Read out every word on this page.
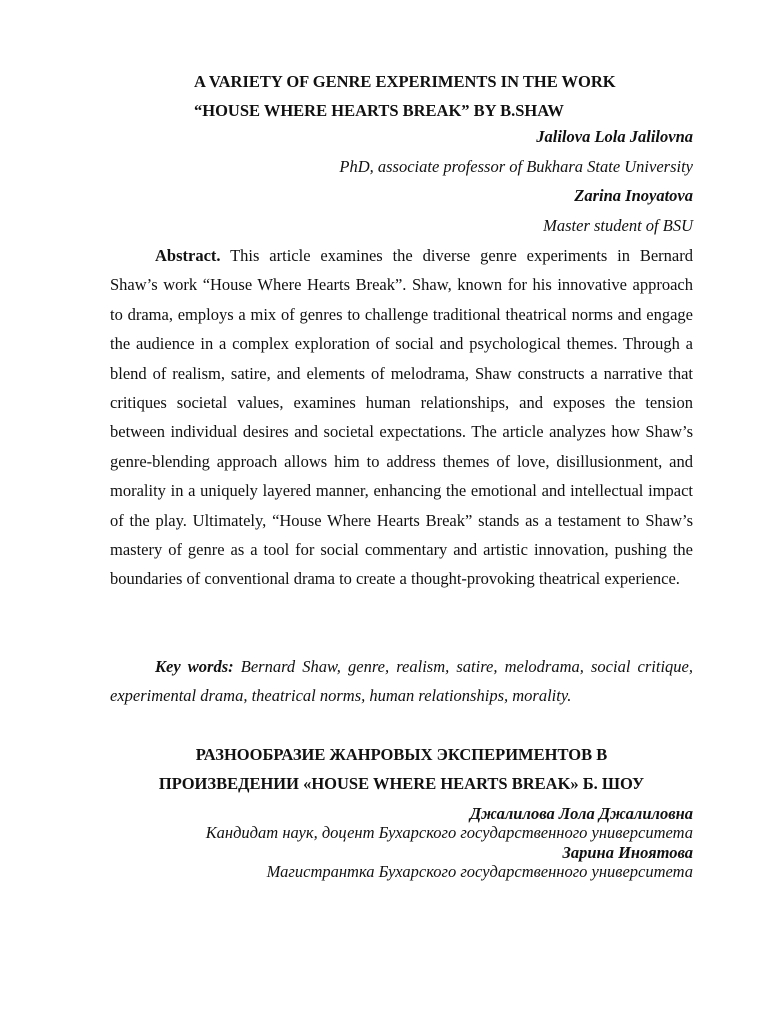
A VARIETY OF GENRE EXPERIMENTS IN THE WORK
“HOUSE WHERE HEARTS BREAK” BY B.SHAW
Jalilova Lola Jalilovna
PhD, associate professor of Bukhara State University
Zarina Inoyatova
Master student of BSU

Abstract. This article examines the diverse genre experiments in Bernard Shaw’s work “House Where Hearts Break”. Shaw, known for his innovative approach to drama, employs a mix of genres to challenge traditional theatrical norms and engage the audience in a complex exploration of social and psychological themes. Through a blend of realism, satire, and elements of melodrama, Shaw constructs a narrative that critiques societal values, examines human relationships, and exposes the tension between individual desires and societal expectations. The article analyzes how Shaw’s genre-blending approach allows him to address themes of love, disillusionment, and morality in a uniquely layered manner, enhancing the emotional and intellectual impact of the play. Ultimately, “House Where Hearts Break” stands as a testament to Shaw’s mastery of genre as a tool for social commentary and artistic innovation, pushing the boundaries of conventional drama to create a thought-provoking theatrical experience.

Key words: Bernard Shaw, genre, realism, satire, melodrama, social critique, experimental drama, theatrical norms, human relationships, morality.

РАЗНООБРАЗИЕ ЖАНРОВЫХ ЭКСПЕРИМЕНТОВ В
ПРОИЗВЕДЕНИИ «HOUSE WHERE HEARTS BREAK» Б. ШОУ
Джалилова Лола Джалиловна
Кандидат наук, доцент Бухарского государственного университета
Зарина Иноятова
Магистрантка Бухарского государственного университета
